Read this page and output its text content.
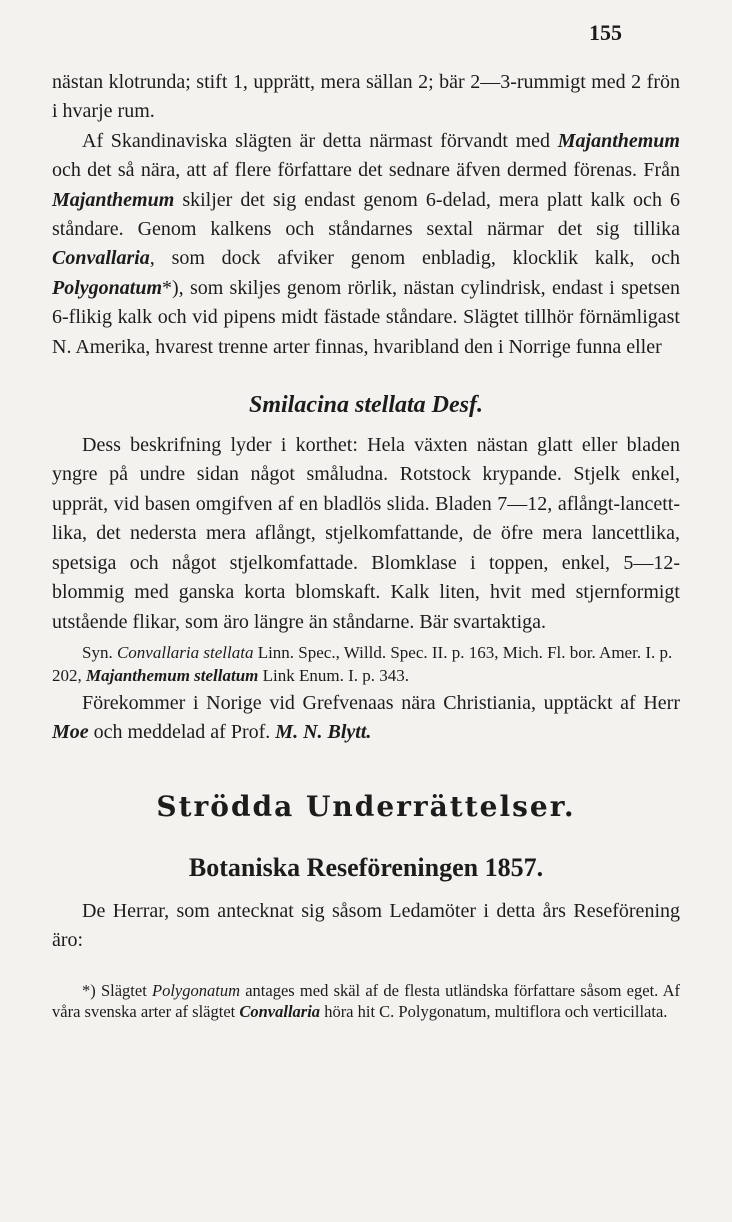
155

nästan klotrunda; stift 1, upprätt, mera sällan 2; bär 2—3-rummigt med 2 frön i hvarje rum.

Af Skandinaviska slägten är detta närmast förvandt med Majanthemum och det så nära, att af flere författare det sednare äfven dermed förenas. Från Majanthemum skiljer det sig endast genom 6-delad, mera platt kalk och 6 ståndare. Genom kalkens och ståndarnes sextal närmar det sig tillika Convallaria, som dock afviker genom enbladig, klocklik kalk, och Polygonatum*), som skiljes genom rörlik, nästan cylindrisk, endast i spetsen 6-flikig kalk och vid pipens midt fästade ståndare. Slägtet tillhör förnämligast N. Amerika, hvarest trenne arter finnas, hvaribland den i Norrige funna eller

Smilacina stellata Desf.

Dess beskrifning lyder i korthet: Hela växten nästan glatt eller bladen yngre på undre sidan något småludna. Rotstock krypande. Stjelk enkel, upprät, vid basen omgifven af en bladlös slida. Bladen 7—12, aflångt-lancett-lika, det nedersta mera aflångt, stjelkomfattande, de öfre mera lancettlika, spetsiga och något stjelkomfattade. Blomklase i toppen, enkel, 5—12-blommig med ganska korta blomskaft. Kalk liten, hvit med stjernformigt utstående flikar, som äro längre än ståndarne. Bär svartaktiga.

Syn. Convallaria stellata Linn. Spec., Willd. Spec. II. p. 163, Mich. Fl. bor. Amer. I. p. 202, Majanthemum stellatum Link Enum. I. p. 343.

Förekommer i Norige vid Grefvenaas nära Christiania, upptäckt af Herr Moe och meddelad af Prof. M. N. Blytt.

Strödda Underrättelser.
Botaniska Reseföreningen 1857.

De Herrar, som antecknat sig såsom Ledamöter i detta års Reseförening äro:

*) Slägtet Polygonatum antages med skäl af de flesta utländska författare såsom eget. Af våra svenska arter af slägtet Convallaria höra hit C. Polygonatum, multiflora och verticillata.
